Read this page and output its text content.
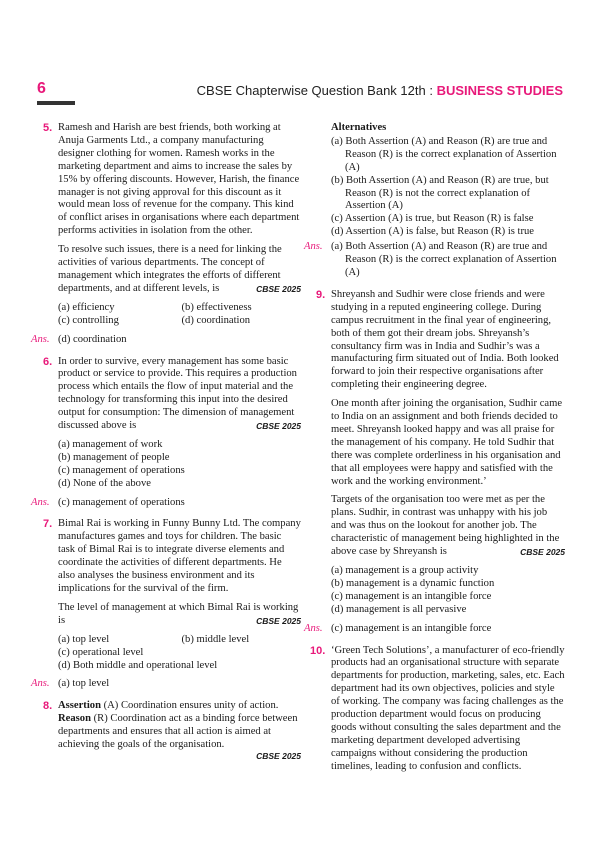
6	CBSE Chapterwise Question Bank 12th : BUSINESS STUDIES
5. Ramesh and Harish are best friends, both working at Anuja Garments Ltd., a company manufacturing designer clothing for women. Ramesh works in the marketing department and aims to increase the sales by 15% by offering discounts. However, Harish, the finance manager is not giving approval for this discount as it would mean loss of revenue for the company. This kind of conflict arises in organisations where each department performs activities in isolation from the other.

To resolve such issues, there is a need for linking the activities of various departments. The concept of management which integrates the efforts of different departments, and at different levels, is	CBSE 2025

(a) efficiency	(b) effectiveness
(c) controlling	(d) coordination
Ans. (d) coordination
6. In order to survive, every management has some basic product or service to provide. This requires a production process which entails the flow of input material and the technology for transforming this input into the desired output for consumption: The dimension of management discussed above is	CBSE 2025

(a) management of work
(b) management of people
(c) management of operations
(d) None of the above
Ans. (c) management of operations
7. Bimal Rai is working in Funny Bunny Ltd. The company manufactures games and toys for children. The basic task of Bimal Rai is to integrate diverse elements and coordinate the activities of different departments. He also analyses the business environment and its implications for the survival of the firm.

The level of management at which Bimal Rai is working is	CBSE 2025

(a) top level	(b) middle level
(c) operational level
(d) Both middle and operational level
Ans. (a) top level
8. Assertion (A) Coordination ensures unity of action.

Reason (R) Coordination act as a binding force between departments and ensures that all action is aimed at achieving the goals of the organisation.

CBSE 2025
Alternatives
(a) Both Assertion (A) and Reason (R) are true and Reason (R) is the correct explanation of Assertion (A)
(b) Both Assertion (A) and Reason (R) are true, but Reason (R) is not the correct explanation of Assertion (A)
(c) Assertion (A) is true, but Reason (R) is false
(d) Assertion (A) is false, but Reason (R) is true
Ans. (a) Both Assertion (A) and Reason (R) are true and Reason (R) is the correct explanation of Assertion (A)
9. Shreyansh and Sudhir were close friends and were studying in a reputed engineering college. During campus recruitment in the final year of engineering, both of them got their dream jobs. Shreyansh’s consultancy firm was in India and Sudhir’s was a manufacturing firm situated out of India. Both looked forward to join their respective organisations after completing their engineering degree.

One month after joining the organisation, Sudhir came to India on an assignment and both friends decided to meet. Shreyansh looked happy and was all praise for the management of his company. He told Sudhir that there was complete orderliness in his organisation and that all employees were happy and satisfied with the work and the working environment.’

Targets of the organisation too were met as per the plans. Sudhir, in contrast was unhappy with his job and was thus on the lookout for another job. The characteristic of management being highlighted in the above case by Shreyansh is	CBSE 2025

(a) management is a group activity
(b) management is a dynamic function
(c) management is an intangible force
(d) management is all pervasive
Ans. (c) management is an intangible force
10. ‘Green Tech Solutions’, a manufacturer of eco-friendly products had an organisational structure with separate departments for production, marketing, sales, etc. Each department had its own objectives, policies and style of working. The company was facing challenges as the production department would focus on producing goods without consulting the sales department and the marketing department developed advertising campaigns without considering the production timelines, leading to confusion and conflicts.
